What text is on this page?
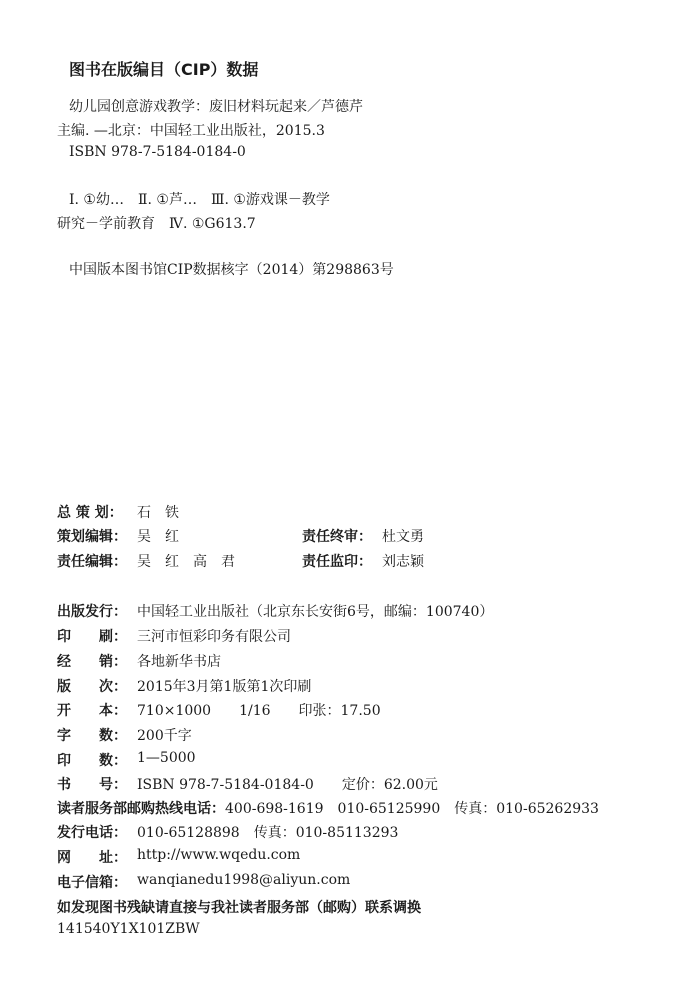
图书在版编目（CIP）数据
幼儿园创意游戏教学：废旧材料玩起来／芦德芹
主编. —北京：中国轻工业出版社，2015.3
ISBN 978-7-5184-0184-0
Ⅰ. ①幼…　Ⅱ. ①芦…　Ⅲ. ①游戏课－教学
研究－学前教育　Ⅳ. ①G613.7
中国版本图书馆CIP数据核字（2014）第298863号
总 策 划： 石　铁
策划编辑： 吴　红	责任终审： 杜文勇
责任编辑： 吴　红　高　君	责任监印： 刘志颖
出版发行： 中国轻工业出版社（北京东长安街6号，邮编：100740）
印　　刷： 三河市恒彩印务有限公司
经　　销： 各地新华书店
版　　次： 2015年3月第1版第1次印刷
开　　本： 710×1000　　1/16　　印张：17.50
字　　数： 200千字
印　　数： 1—5000
书　　号： ISBN 978-7-5184-0184-0　　定价：62.00元
读者服务部邮购热线电话： 400-698-1619　010-65125990　传真：010-65262933
发行电话： 010-65128898　传真：010-85113293
网　　址： http://www.wqedu.com
电子信箱： wanqianedu1998@aliyun.com
如发现图书残缺请直接与我社读者服务部（邮购）联系调换
141540Y1X101ZBW
